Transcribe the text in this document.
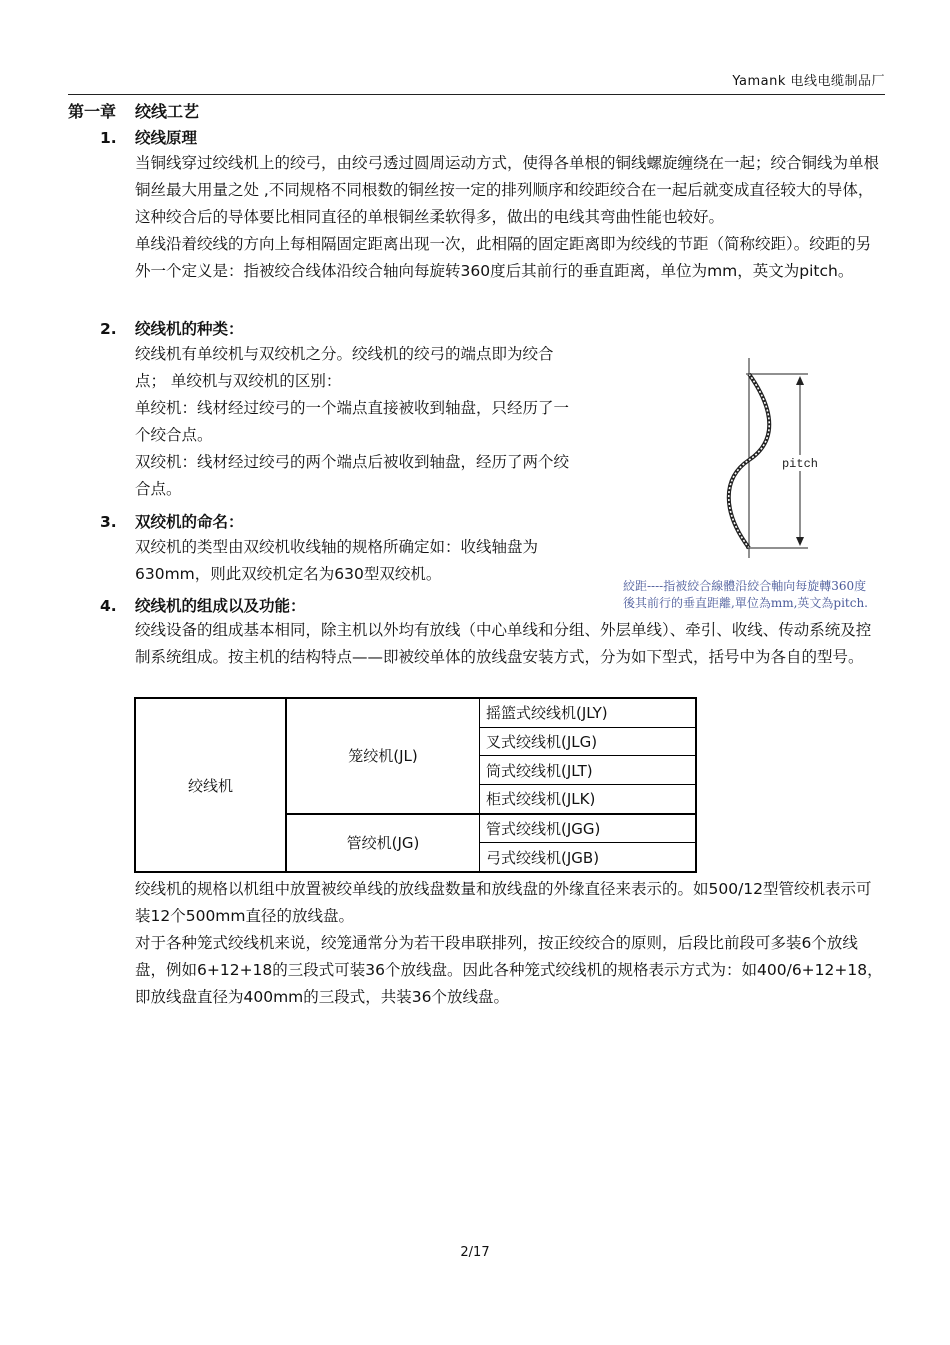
Yamank 电线电缆制品厂
第一章 绞线工艺
1. 绞线原理

当铜线穿过绞线机上的绞弓，由绞弓透过圆周运动方式，使得各单根的铜线螺旋缠绕在一起；绞合铜线为单根铜丝最大用量之处 ,不同规格不同根数的铜丝按一定的排列顺序和绞距绞合在一起后就变成直径较大的导体，这种绞合后的导体要比相同直径的单根铜丝柔软得多，做出的电线其弯曲性能也较好。

单线沿着绞线的方向上每相隔固定距离出现一次，此相隔的固定距离即为绞线的节距（简称绞距）。绞距的另外一个定义是：指被绞合线体沿绞合轴向每旋转360度后其前行的垂直距离，单位为mm，英文为pitch。

2. 绞线机的种类：

绞线机有单绞机与双绞机之分。绞线机的绞弓的端点即为绞合点； 单绞机与双绞机的区别：

单绞机：线材经过绞弓的一个端点直接被收到轴盘，只经历了一个绞合点。

双绞机：线材经过绞弓的两个端点后被收到轴盘，经历了两个绞合点。

3. 双绞机的命名：

双绞机的类型由双绞机收线轴的规格所确定如：收线轴盘为630mm，则此双绞机定名为630型双绞机。

4. 绞线机的组成以及功能：

绞线设备的组成基本相同，除主机以外均有放线（中心单线和分组、外层单线）、牵引、收线、传动系统及控制系统组成。按主机的结构特点——即被绞单体的放线盘安装方式，分为如下型式，括号中为各自的型号。

pitch
絞距----指被絞合線體沿絞合軸向每旋轉360度後其前行的垂直距離,單位為mm,英文為pitch.
绞线机	笼绞机(JL)	摇篮式绞线机(JLY)
		叉式绞线机(JLG)
		筒式绞线机(JLT)
		柜式绞线机(JLK)
	管绞机(JG)	管式绞线机(JGG)
		弓式绞线机(JGB)

绞线机的规格以机组中放置被绞单线的放线盘数量和放线盘的外缘直径来表示的。如500/12型管绞机表示可装12个500mm直径的放线盘。

对于各种笼式绞线机来说，绞笼通常分为若干段串联排列，按正绞绞合的原则，后段比前段可多装6个放线盘，例如6+12+18的三段式可装36个放线盘。因此各种笼式绞线机的规格表示方式为：如400/6+12+18，即放线盘直径为400mm的三段式，共装36个放线盘。

2/17
